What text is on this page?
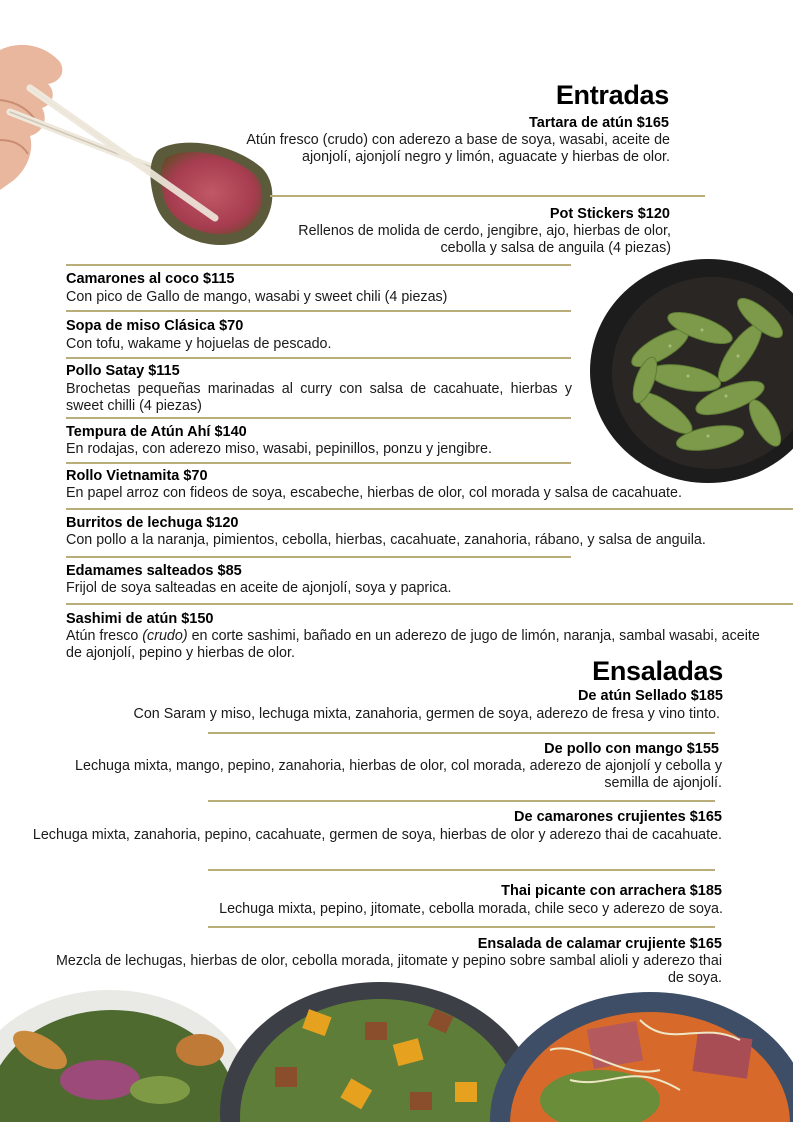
Entradas
Ensaladas
Tartara de atún $165
Atún fresco (crudo) con aderezo a base de soya, wasabi, aceite de ajonjolí, ajonjolí negro y limón, aguacate y hierbas de olor.
Pot Stickers $120
Rellenos de molida de cerdo, jengibre, ajo, hierbas de olor, cebolla y salsa de anguila (4 piezas)
Camarones al coco $115
Con pico de Gallo de mango, wasabi y sweet chili (4 piezas)
Sopa de miso Clásica $70
Con tofu, wakame y hojuelas de pescado.
Pollo Satay $115
Brochetas pequeñas marinadas al curry con salsa de cacahuate, hierbas y sweet chilli (4 piezas)
Tempura de Atún Ahí $140
En rodajas, con aderezo miso, wasabi, pepinillos, ponzu y jengibre.
Rollo Vietnamita $70
En papel arroz con fideos de soya, escabeche, hierbas de olor, col morada y salsa de cacahuate.
Burritos de lechuga $120
Con pollo a la naranja, pimientos, cebolla, hierbas, cacahuate, zanahoria, rábano, y salsa de anguila.
Edamames salteados $85
Frijol de soya salteadas en aceite de ajonjolí, soya y paprica.
Sashimi de atún $150
Atún fresco (crudo) en corte sashimi, bañado en un aderezo de jugo de limón, naranja, sambal wasabi, aceite de ajonjolí, pepino y hierbas de olor.
De atún Sellado $185
Con Saram y miso, lechuga mixta, zanahoria, germen de soya, aderezo de fresa y vino tinto.
De pollo con mango $155
Lechuga mixta, mango, pepino, zanahoria, hierbas de olor, col morada, aderezo de ajonjolí y cebolla y semilla de ajonjolí.
De camarones crujientes $165
Lechuga mixta, zanahoria, pepino, cacahuate, germen de soya, hierbas de olor y aderezo thai de cacahuate.
Thai picante con arrachera $185
Lechuga mixta, pepino, jitomate, cebolla morada, chile seco y aderezo de soya.
Ensalada de calamar crujiente $165
Mezcla de lechugas, hierbas de olor, cebolla morada, jitomate y pepino sobre sambal alioli y aderezo thai de soya.
